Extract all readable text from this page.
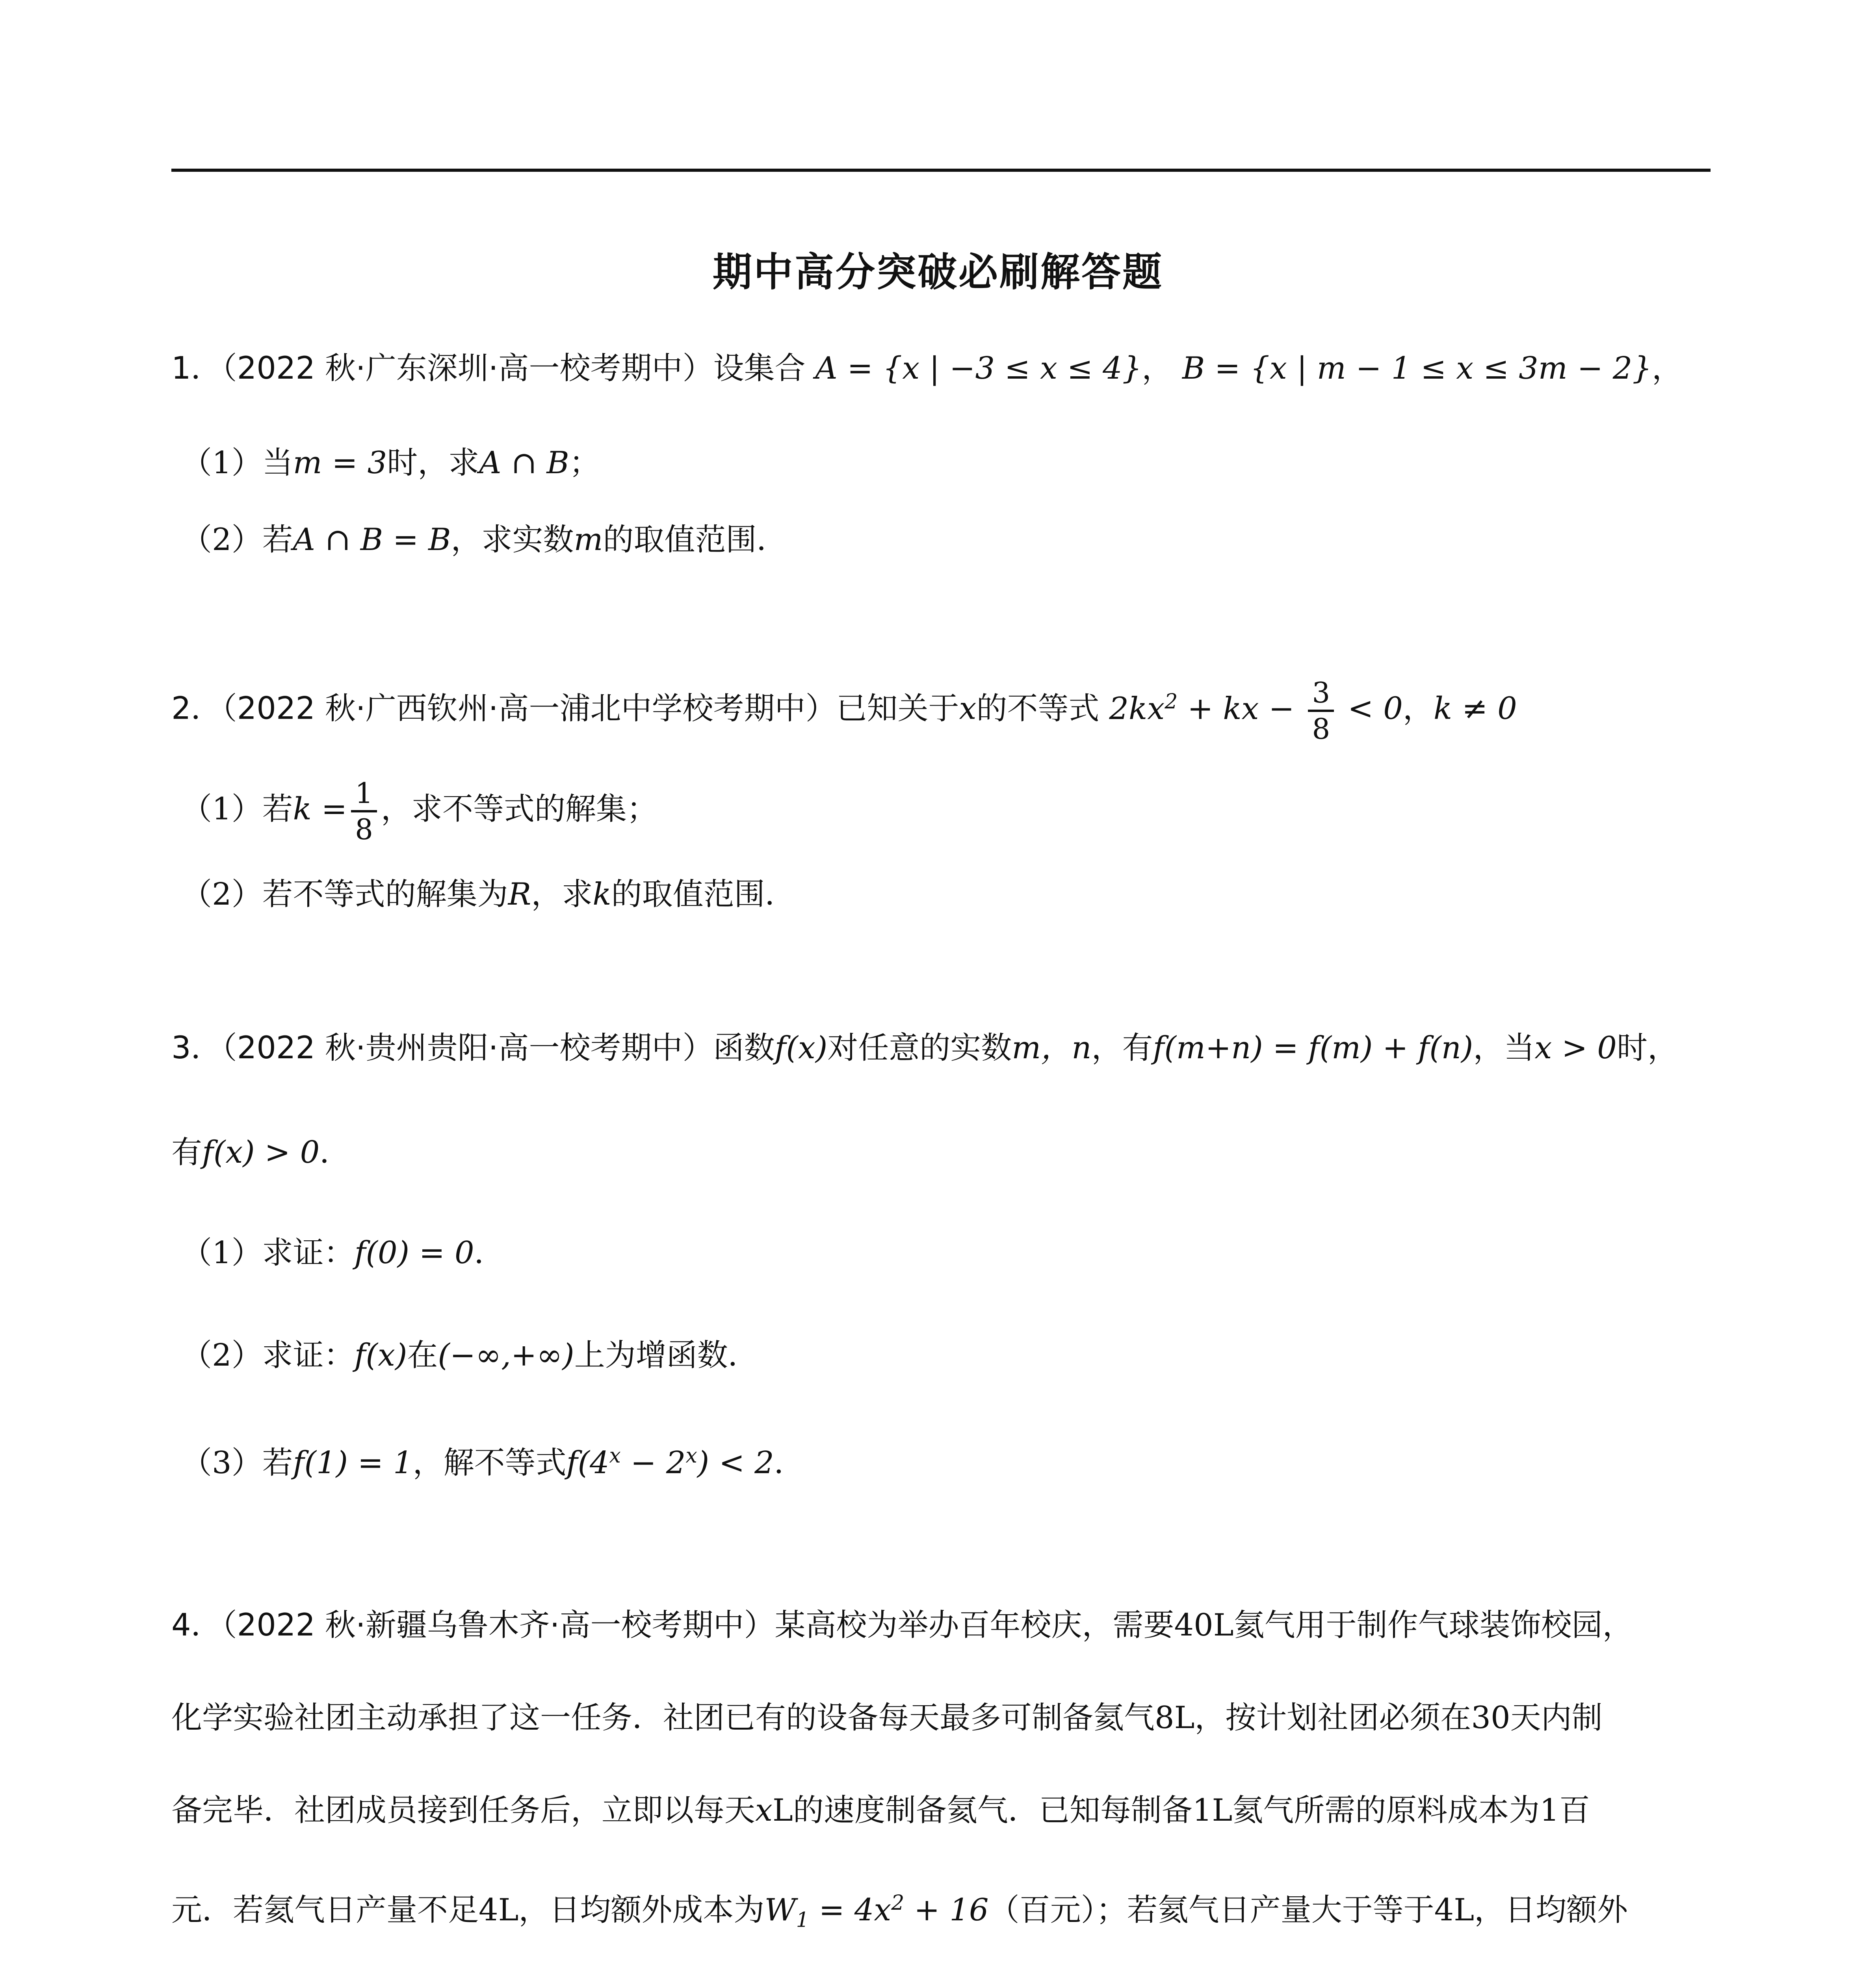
期中高分突破必刷解答题
1．（2022 秋·广东深圳·高一校考期中）设集合 A = {x | −3 ≤ x ≤ 4}， B = {x | m − 1 ≤ x ≤ 3m − 2}，
（1）当m = 3时，求A ∩ B；
（2）若A ∩ B = B，求实数m的取值范围．
2．（2022 秋·广西钦州·高一浦北中学校考期中）已知关于x的不等式 $2kx^2$ + kx − $\frac{3}{8} < 0$，k ≠ 0
（1）若$k = \frac{1}{8}$ ，求不等式的解集；
（2）若不等式的解集为R，求k的取值范围．
3．（2022 秋·贵州贵阳·高一校考期中）函数f(x)对任意的实数m，n，有f(m+n) = f(m) + f(n)，当x > 0时，
有f(x) > 0．
（1）求证：f(0) = 0．
（2）求证：f(x)在(−∞,+∞)上为增函数．
（3）若f(1) = 1，解不等式$f(4^x - 2^x) < 2$．
4．（2022 秋·新疆乌鲁木齐·高一校考期中）某高校为举办百年校庆，需要40L氦气用于制作气球装饰校园，
化学实验社团主动承担了这一任务．社团已有的设备每天最多可制备氦气8L，按计划社团必须在30天内制
备完毕．社团成员接到任务后，立即以每天xL的速度制备氦气．已知每制备1L氦气所需的原料成本为1百
元．若氦气日产量不足4L，日均额外成本为$W_1 = 4x^2 + 16$（百元）；若氦气日产量大于等于4L，日均额外
